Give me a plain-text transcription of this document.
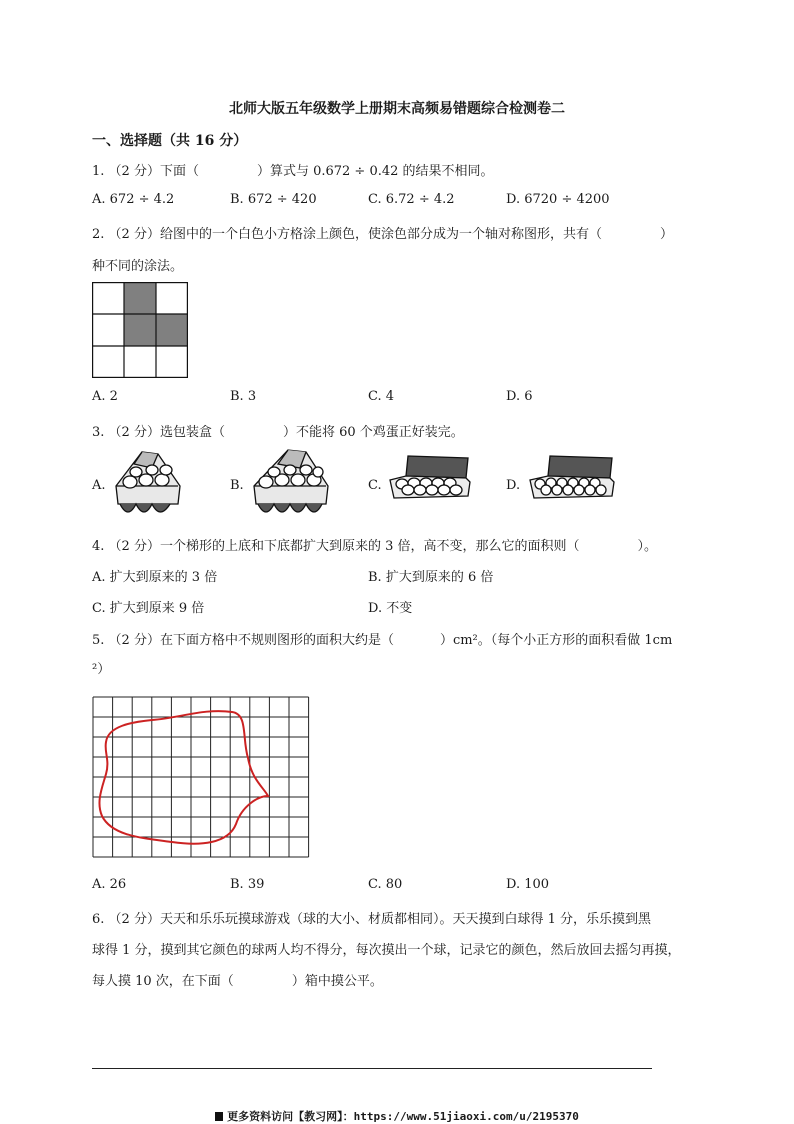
北师大版五年级数学上册期末高频易错题综合检测卷二
一、选择题（共 16 分）
1. （2 分）下面（	）算式与 0.672 ÷ 0.42 的结果不相同。
A. 672 ÷ 4.2	B. 672 ÷ 420	C. 6.72 ÷ 4.2	D. 6720 ÷ 4200
2. （2 分）给图中的一个白色小方格涂上颜色，使涂色部分成为一个轴对称图形，共有（	）
种不同的涂法。
A. 2	B. 3	C. 4	D. 6
3. （2 分）选包装盒（	）不能将 60 个鸡蛋正好装完。
A.	B.	C.	D.
4. （2 分）一个梯形的上底和下底都扩大到原来的 3 倍，高不变，那么它的面积则（	）。
A. 扩大到原来的 3 倍	B. 扩大到原来的 6 倍
C. 扩大到原来 9 倍	D. 不变
5. （2 分）在下面方格中不规则图形的面积大约是（	）cm²。（每个小正方形的面积看做 1cm
²）
A. 26	B. 39	C. 80	D. 100
6. （2 分）天天和乐乐玩摸球游戏（球的大小、材质都相同）。天天摸到白球得 1 分，乐乐摸到黑
球得 1 分，摸到其它颜色的球两人均不得分，每次摸出一个球，记录它的颜色，然后放回去摇匀再摸，
每人摸 10 次，在下面（	）箱中摸公平。
更多资料访问【教习网】：https://www.51jiaoxi.com/u/2195370
